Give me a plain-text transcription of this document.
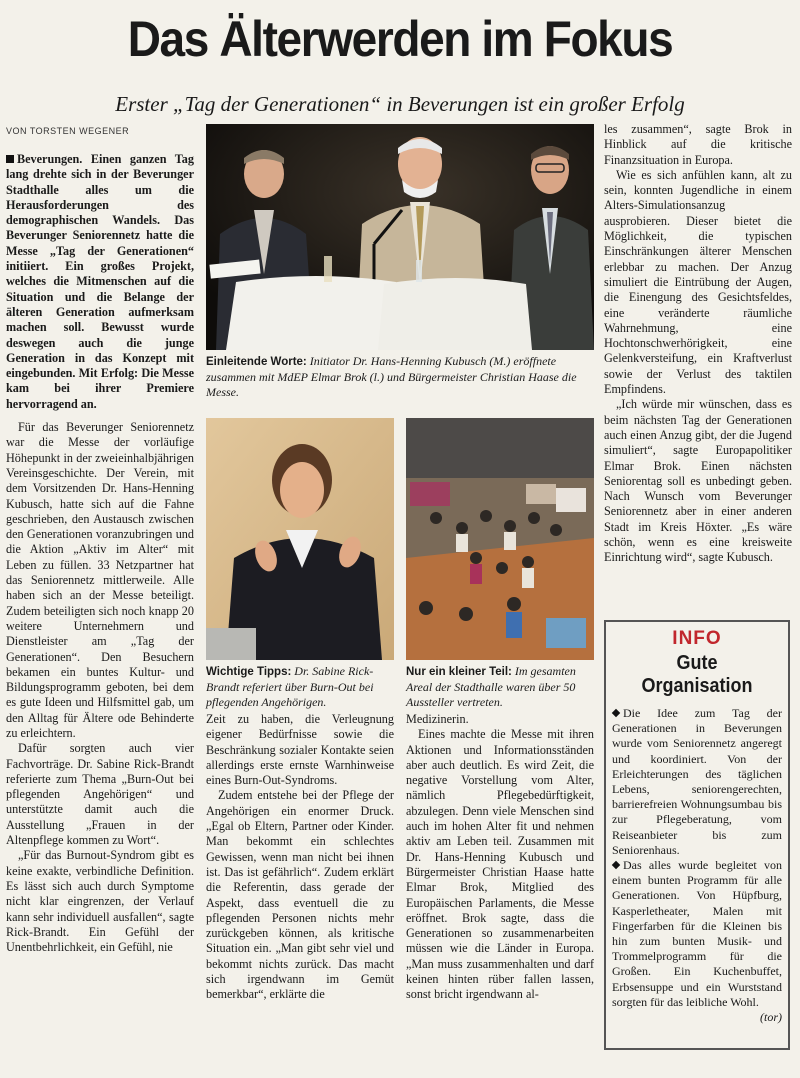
Das Älterwerden im Fokus
Erster „Tag der Generationen“ in Beverungen ist ein großer Erfolg
VON TORSTEN WEGENER

Beverungen. Einen ganzen Tag lang drehte sich in der Beverunger Stadthalle alles um die Herausforderungen des demographischen Wandels. Das Beverunger Seniorennetz hatte die Messe „Tag der Generationen“ initiiert. Ein großes Projekt, welches die Mitmenschen auf die Situation und die Belange der älteren Generation aufmerksam machen soll. Bewusst wurde deswegen auch die junge Generation in das Konzept mit eingebunden. Mit Erfolg: Die Messe kam bei ihrer Premiere hervorragend an.

Für das Beverunger Seniorennetz war die Messe der vorläufige Höhepunkt in der zweieinhalbjährigen Vereinsgeschichte. Der Verein, mit dem Vorsitzenden Dr. Hans-Henning Kubusch, hatte sich auf die Fahne geschrieben, den Austausch zwischen den Generationen voranzubringen und die Aktion „Aktiv im Alter“ mit Leben zu füllen. 33 Netzpartner hat das Seniorennetz mittlerweile. Alle haben sich an der Messe beteiligt. Zudem beteiligten sich noch knapp 20 weitere Unternehmern und Dienstleister am „Tag der Generationen“. Den Besuchern bekamen ein buntes Kultur- und Bildungsprogramm geboten, bei dem es gute Ideen und Hilfsmittel gab, um den Alltag für Ältere ode Behinderte zu erleichtern.

Dafür sorgten auch vier Fachvorträge. Dr. Sabine Rick-Brandt referierte zum Thema „Burn-Out bei pflegenden Angehörigen“ und unterstützte damit auch die Ausstellung „Frauen in der Altenpflege kommen zu Wort“.

„Für das Burnout-Syndrom gibt es keine exakte, verbindliche Definition. Es lässt sich auch durch Symptome nicht klar eingrenzen, der Verlauf kann sehr individuell ausfallen“, sagte Rick-Brandt. Ein Gefühl der Unentbehrlichkeit, ein Gefühl, nie

Einleitende Worte: Initiator Dr. Hans-Henning Kubusch (M.) eröffnete zusammen mit MdEP Elmar Brok (l.) und Bürgermeister Christian Haase die Messe.
Wichtige Tipps: Dr. Sabine Rick-Brandt referiert über Burn-Out bei pflegenden Angehörigen.
Nur ein kleiner Teil: Im gesamten Areal der Stadthalle waren über 50 Aussteller vertreten.

Zeit zu haben, die Verleugnung eigener Bedürfnisse sowie die Beschränkung sozialer Kontakte seien allerdings erste ernste Warnhinweise eines Burn-Out-Syndroms.

Zudem entstehe bei der Pflege der Angehörigen ein enormer Druck. „Egal ob Eltern, Partner oder Kinder. Man bekommt ein schlechtes Gewissen, wenn man nicht bei ihnen ist. Das ist gefährlich“. Zudem erklärt die Referentin, dass gerade der Aspekt, dass eventuell die zu pflegenden Personen nichts mehr zurückgeben können, als kritische Situation ein. „Man gibt sehr viel und bekommt nichts zurück. Das macht sich irgendwann im Gemüt bemerkbar“, erklärte die

Medizinerin.

Eines machte die Messe mit ihren Aktionen und Informationsständen aber auch deutlich. Es wird Zeit, die negative Vorstellung vom Alter, nämlich Pflegebedürftigkeit, abzulegen. Denn viele Menschen sind auch im hohen Alter fit und nehmen aktiv am Leben teil. Zusammen mit Dr. Hans-Henning Kubusch und Bürgermeister Christian Haase hatte Elmar Brok, Mitglied des Europäischen Parlaments, die Messe eröffnet. Brok sagte, dass die Generationen so zusammenarbeiten müssen wie die Länder in Europa. „Man muss zusammenhalten und darf keinen hinten rüber fallen lassen, sonst bricht irgendwann al-

les zusammen“, sagte Brok in Hinblick auf die kritische Finanzsituation in Europa.

Wie es sich anfühlen kann, alt zu sein, konnten Jugendliche in einem Alters-Simulationsanzug ausprobieren. Dieser bietet die Möglichkeit, die typischen Einschränkungen älterer Menschen erlebbar zu machen. Der Anzug simuliert die Eintrübung der Augen, die Einengung des Gesichtsfeldes, eine veränderte räumliche Wahrnehmung, eine Hochtonschwerhörigkeit, eine Gelenkversteifung, ein Kraftverlust sowie der Verlust des taktilen Empfindens.

„Ich würde mir wünschen, dass es beim nächsten Tag der Generationen auch einen Anzug gibt, der die Jugend simuliert“, sagte Europapolitiker Elmar Brok. Einen nächsten Seniorentag soll es unbedingt geben. Nach Wunsch vom Beverunger Seniorennetz aber in einer anderen Stadt im Kreis Höxter. „Es wäre schön, wenn es eine kreisweite Einrichtung wird“, sagte Kubusch.

INFO
Gute Organisation

Die Idee zum Tag der Generationen in Beverungen wurde vom Seniorennetz angeregt und koordiniert. Von der Erleichterungen des täglichen Lebens, seniorengerechten, barrierefreien Wohnungsumbau bis zur Pflegeberatung, vom Reiseanbieter bis zum Seniorenhaus.

Das alles wurde begleitet von einem bunten Programm für alle Generationen. Von Hüpfburg, Kasperletheater, Malen mit Fingerfarben für die Kleinen bis hin zum bunten Musik- und Trommelprogramm für die Großen. Ein Kuchenbuffet, Erbsensuppe und ein Wurststand sorgten für das leibliche Wohl.

(tor)
